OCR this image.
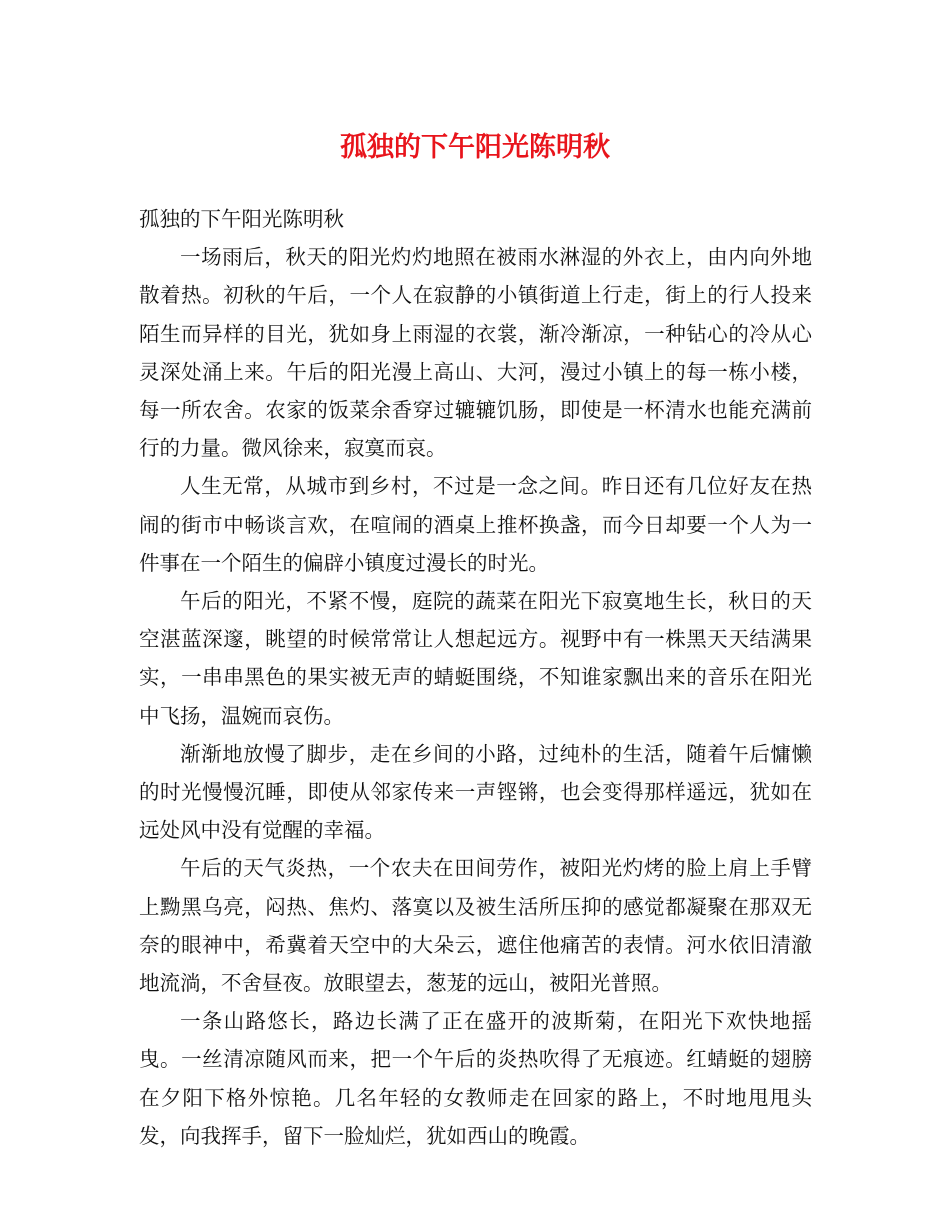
孤独的下午阳光陈明秋

孤独的下午阳光陈明秋

一场雨后，秋天的阳光灼灼地照在被雨水淋湿的外衣上，由内向外地散着热。初秋的午后，一个人在寂静的小镇街道上行走，街上的行人投来陌生而异样的目光，犹如身上雨湿的衣裳，渐冷渐凉，一种钻心的冷从心灵深处涌上来。午后的阳光漫上高山、大河，漫过小镇上的每一栋小楼，每一所农舍。农家的饭菜余香穿过辘辘饥肠，即使是一杯清水也能充满前行的力量。微风徐来，寂寞而哀。

人生无常，从城市到乡村，不过是一念之间。昨日还有几位好友在热闹的街市中畅谈言欢，在喧闹的酒桌上推杯换盏，而今日却要一个人为一件事在一个陌生的偏辟小镇度过漫长的时光。

午后的阳光，不紧不慢，庭院的蔬菜在阳光下寂寞地生长，秋日的天空湛蓝深邃，眺望的时候常常让人想起远方。视野中有一株黑天天结满果实，一串串黑色的果实被无声的蜻蜓围绕，不知谁家飘出来的音乐在阳光中飞扬，温婉而哀伤。

渐渐地放慢了脚步，走在乡间的小路，过纯朴的生活，随着午后慵懒的时光慢慢沉睡，即使从邻家传来一声铿锵，也会变得那样遥远，犹如在远处风中没有觉醒的幸福。

午后的天气炎热，一个农夫在田间劳作，被阳光灼烤的脸上肩上手臂上黝黑乌亮，闷热、焦灼、落寞以及被生活所压抑的感觉都凝聚在那双无奈的眼神中，希冀着天空中的大朵云，遮住他痛苦的表情。河水依旧清澈地流淌，不舍昼夜。放眼望去，葱茏的远山，被阳光普照。

一条山路悠长，路边长满了正在盛开的波斯菊，在阳光下欢快地摇曳。一丝清凉随风而来，把一个午后的炎热吹得了无痕迹。红蜻蜓的翅膀在夕阳下格外惊艳。几名年轻的女教师走在回家的路上，不时地甩甩头发，向我挥手，留下一脸灿烂，犹如西山的晚霞。
